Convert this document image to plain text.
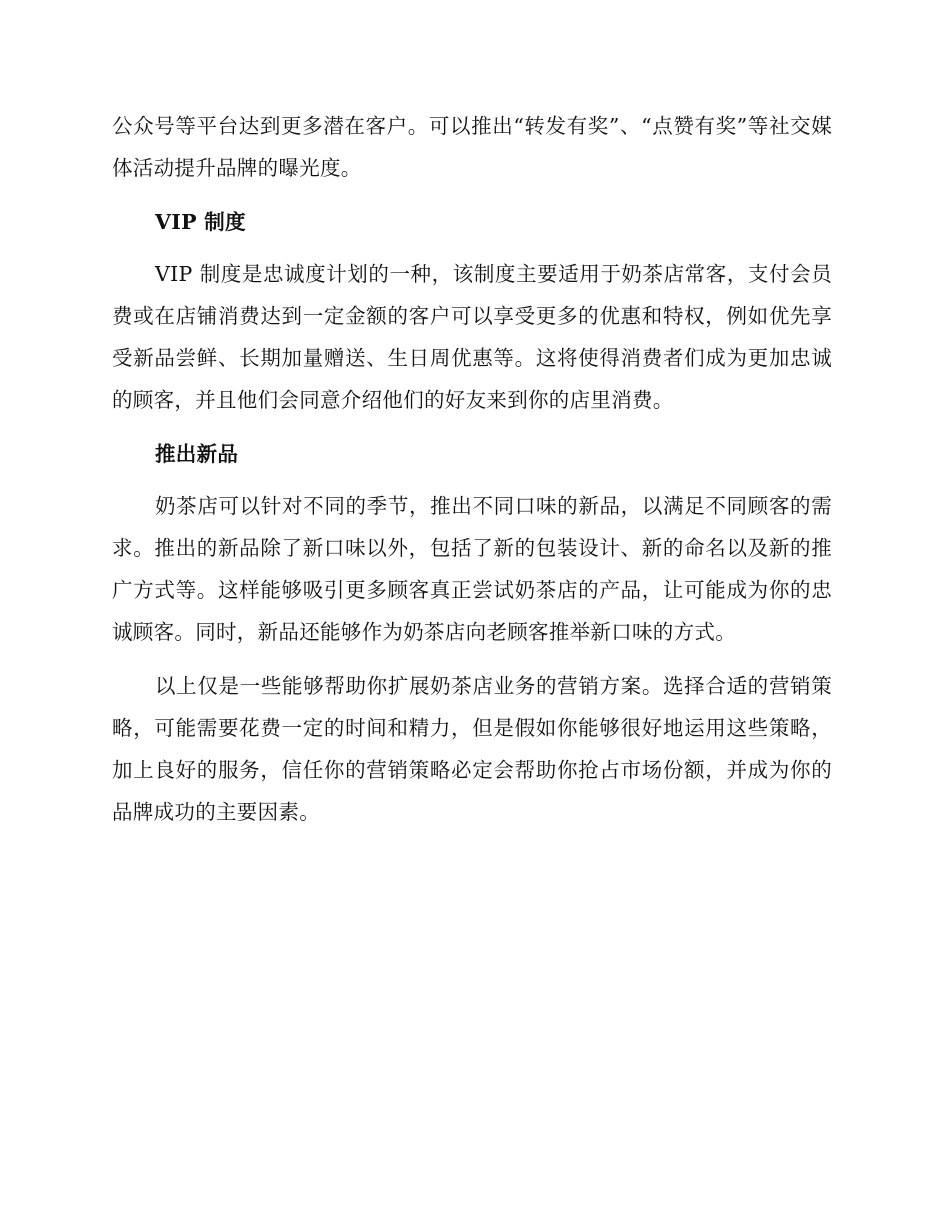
公众号等平台达到更多潜在客户。可以推出“转发有奖”、“点赞有奖”等社交媒体活动提升品牌的曝光度。

VIP 制度

VIP 制度是忠诚度计划的一种，该制度主要适用于奶茶店常客，支付会员费或在店铺消费达到一定金额的客户可以享受更多的优惠和特权，例如优先享受新品尝鲜、长期加量赠送、生日周优惠等。这将使得消费者们成为更加忠诚的顾客，并且他们会同意介绍他们的好友来到你的店里消费。

推出新品

奶茶店可以针对不同的季节，推出不同口味的新品，以满足不同顾客的需求。推出的新品除了新口味以外，包括了新的包装设计、新的命名以及新的推广方式等。这样能够吸引更多顾客真正尝试奶茶店的产品，让可能成为你的忠诚顾客。同时，新品还能够作为奶茶店向老顾客推举新口味的方式。

以上仅是一些能够帮助你扩展奶茶店业务的营销方案。选择合适的营销策略，可能需要花费一定的时间和精力，但是假如你能够很好地运用这些策略，加上良好的服务，信任你的营销策略必定会帮助你抢占市场份额，并成为你的品牌成功的主要因素。
